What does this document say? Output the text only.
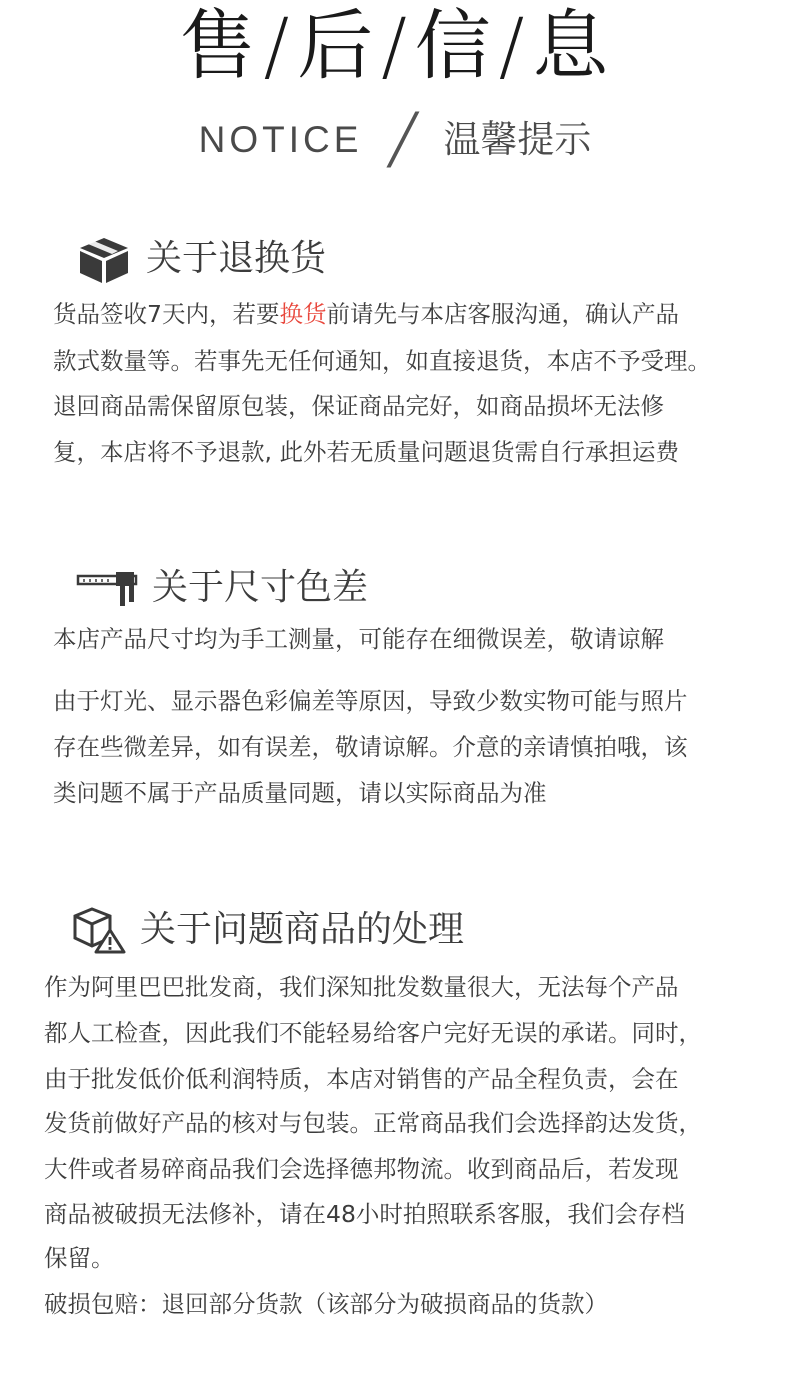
售/后/信/息
NOTICE ╱ 温馨提示
关于退换货
货品签收7天内，若要换货前请先与本店客服沟通，确认产品
款式数量等。若事先无任何通知，如直接退货，本店不予受理。
退回商品需保留原包装，保证商品完好，如商品损坏无法修
复，本店将不予退款, 此外若无质量问题退货需自行承担运费
关于尺寸色差
本店产品尺寸均为手工测量，可能存在细微误差，敬请谅解
由于灯光、显示器色彩偏差等原因，导致少数实物可能与照片
存在些微差异，如有误差，敬请谅解。介意的亲请慎拍哦，该
类问题不属于产品质量同题，请以实际商品为准
关于问题商品的处理
作为阿里巴巴批发商，我们深知批发数量很大，无法每个产品
都人工检查，因此我们不能轻易给客户完好无误的承诺。同时，
由于批发低价低利润特质，本店对销售的产品全程负责，会在
发货前做好产品的核对与包装。正常商品我们会选择韵达发货，
大件或者易碎商品我们会选择德邦物流。收到商品后，若发现
商品被破损无法修补，请在48小时拍照联系客服，我们会存档
保留。
破损包赔：退回部分货款（该部分为破损商品的货款）
